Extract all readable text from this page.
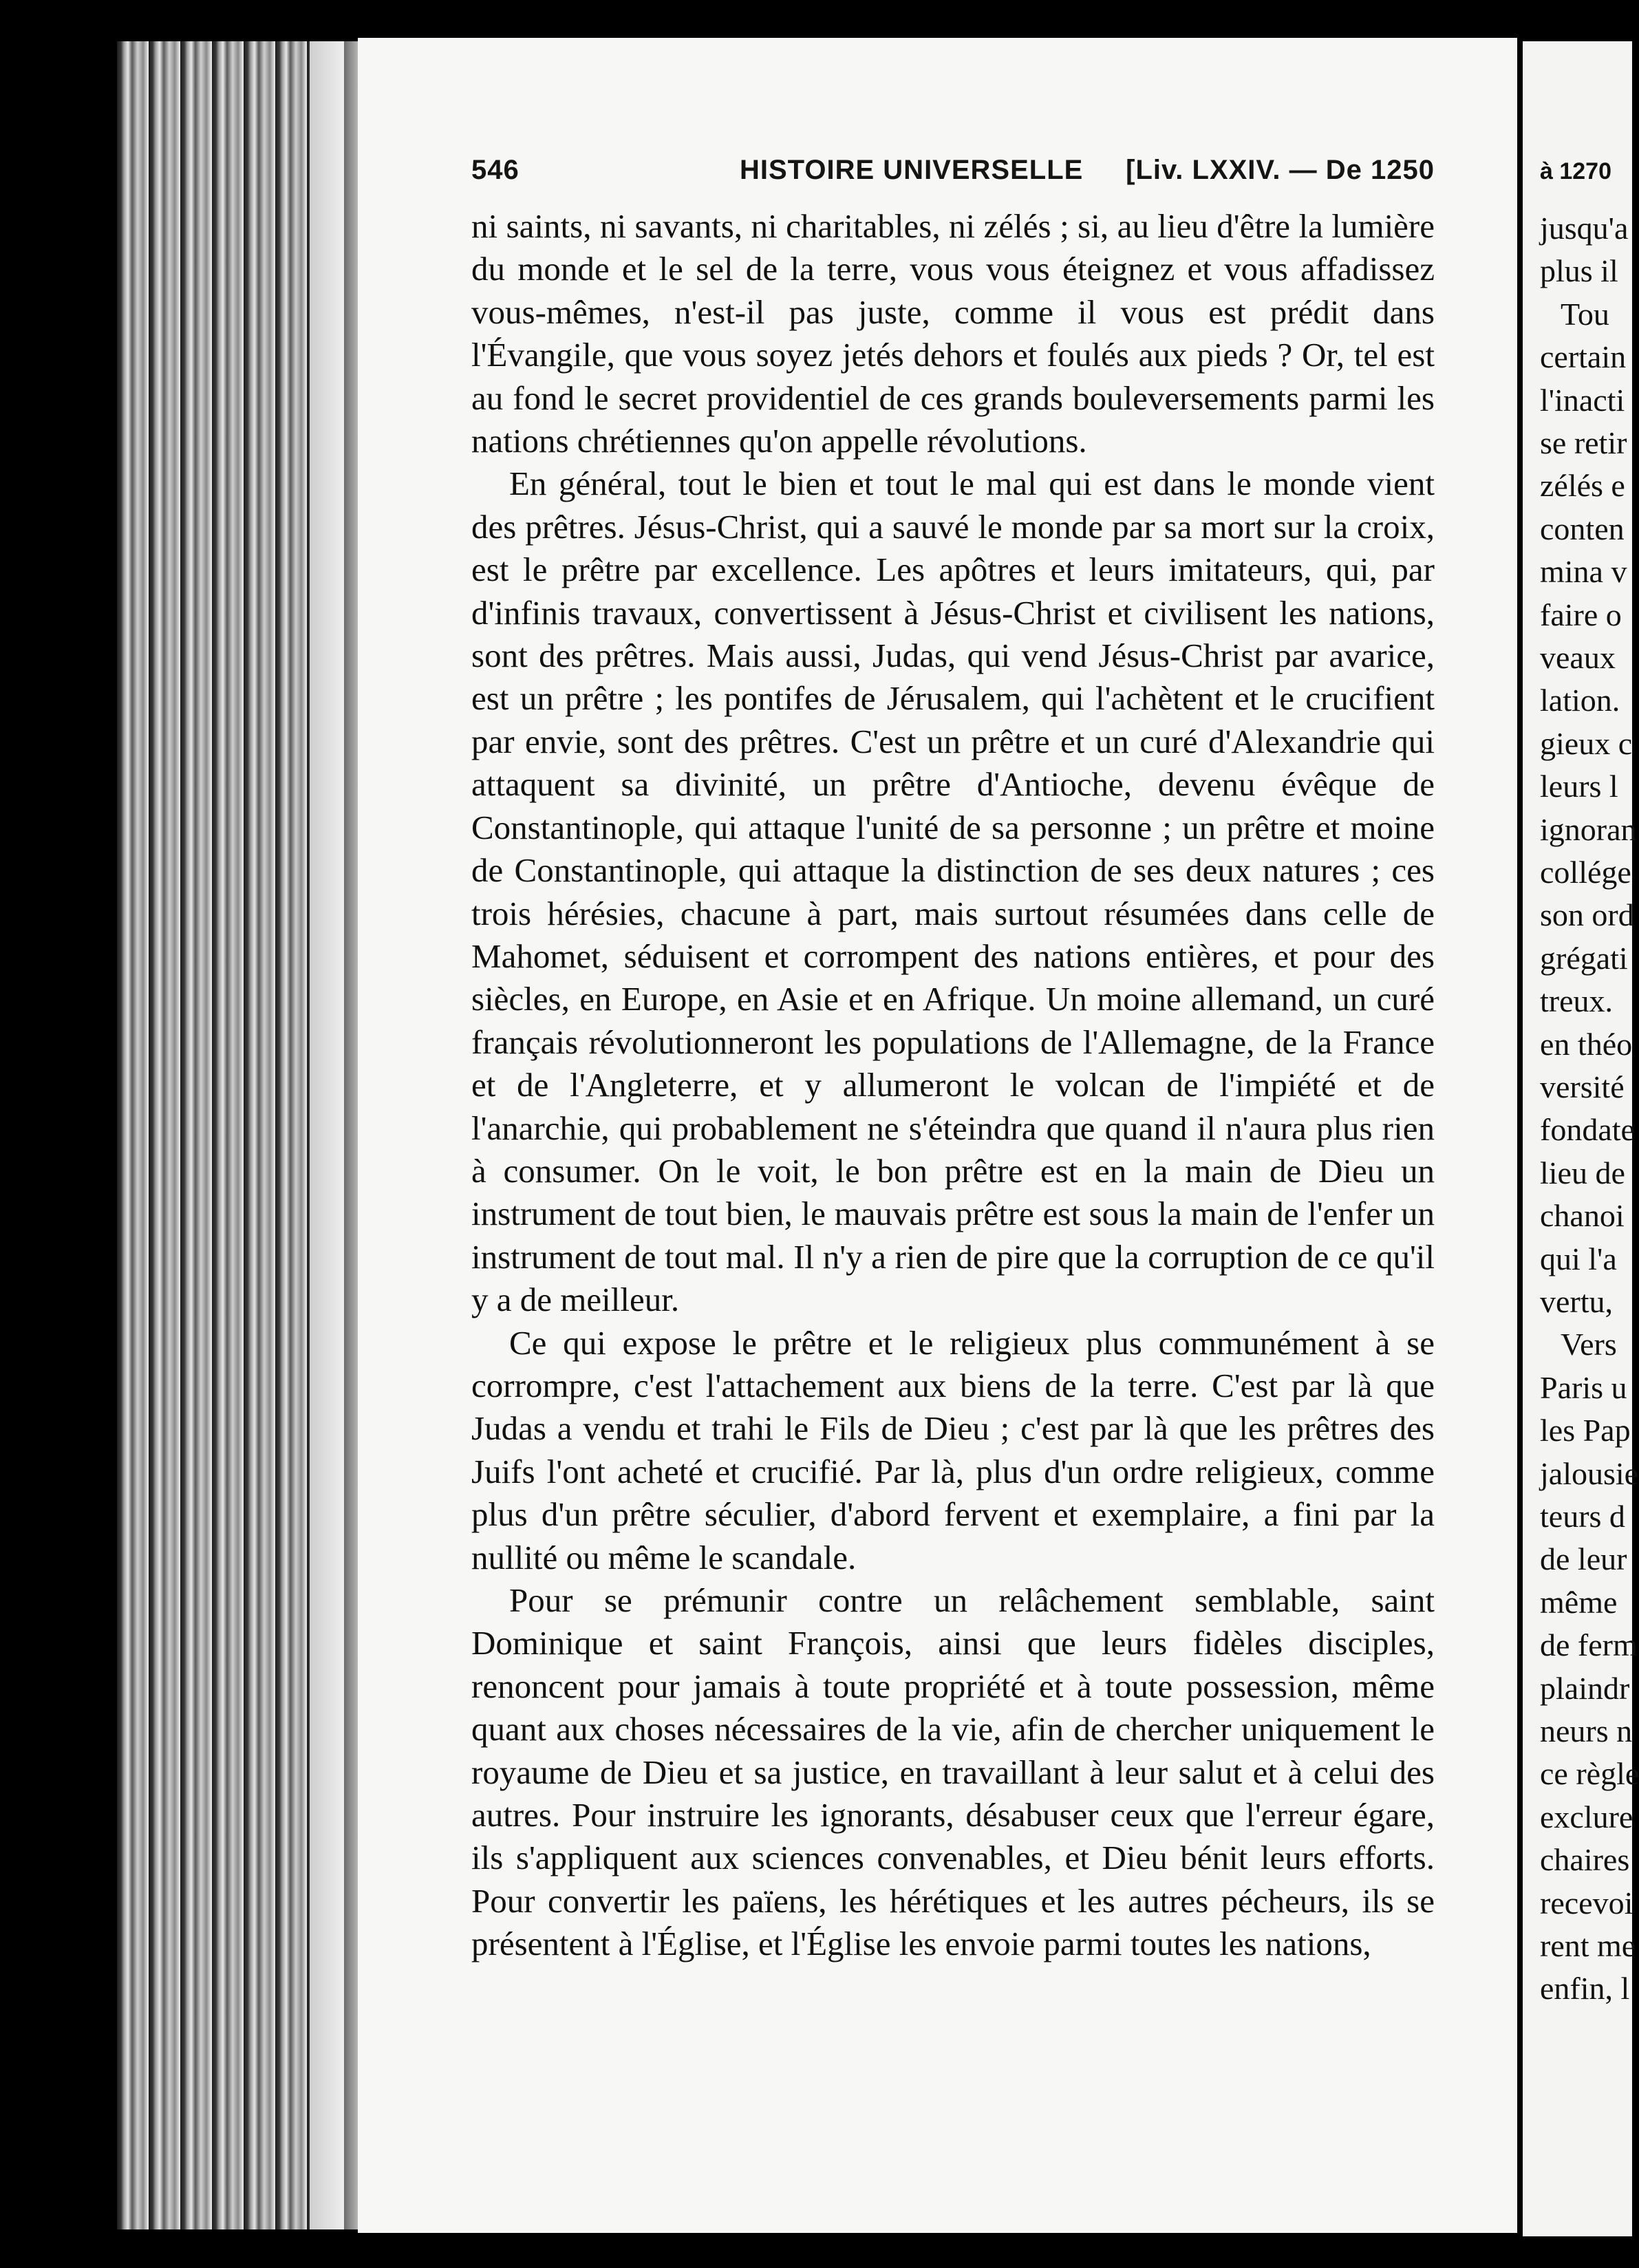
546	HISTOIRE UNIVERSELLE [Liv. LXXIV. — De 1250

ni saints, ni savants, ni charitables, ni zélés ; si, au lieu d'être la lumière du monde et le sel de la terre, vous vous éteignez et vous affadissez vous-mêmes, n'est-il pas juste, comme il vous est prédit dans l'Évangile, que vous soyez jetés dehors et foulés aux pieds ? Or, tel est au fond le secret providentiel de ces grands bouleversements parmi les nations chrétiennes qu'on appelle révolutions.

En général, tout le bien et tout le mal qui est dans le monde vient des prêtres. Jésus-Christ, qui a sauvé le monde par sa mort sur la croix, est le prêtre par excellence. Les apôtres et leurs imitateurs, qui, par d'infinis travaux, convertissent à Jésus-Christ et civilisent les nations, sont des prêtres. Mais aussi, Judas, qui vend Jésus-Christ par avarice, est un prêtre ; les pontifes de Jérusalem, qui l'achètent et le crucifient par envie, sont des prêtres. C'est un prêtre et un curé d'Alexandrie qui attaquent sa divinité, un prêtre d'Antioche, devenu évêque de Constantinople, qui attaque l'unité de sa personne ; un prêtre et moine de Constantinople, qui attaque la distinction de ses deux natures ; ces trois hérésies, chacune à part, mais surtout résumées dans celle de Mahomet, séduisent et corrompent des nations entières, et pour des siècles, en Europe, en Asie et en Afrique. Un moine allemand, un curé français révolutionneront les populations de l'Allemagne, de la France et de l'Angleterre, et y allumeront le volcan de l'impiété et de l'anarchie, qui probablement ne s'éteindra que quand il n'aura plus rien à consumer. On le voit, le bon prêtre est en la main de Dieu un instrument de tout bien, le mauvais prêtre est sous la main de l'enfer un instrument de tout mal. Il n'y a rien de pire que la corruption de ce qu'il y a de meilleur.

Ce qui expose le prêtre et le religieux plus communément à se corrompre, c'est l'attachement aux biens de la terre. C'est par là que Judas a vendu et trahi le Fils de Dieu ; c'est par là que les prêtres des Juifs l'ont acheté et crucifié. Par là, plus d'un ordre religieux, comme plus d'un prêtre séculier, d'abord fervent et exemplaire, a fini par la nullité ou même le scandale.

Pour se prémunir contre un relâchement semblable, saint Dominique et saint François, ainsi que leurs fidèles disciples, renoncent pour jamais à toute propriété et à toute possession, même quant aux choses nécessaires de la vie, afin de chercher uniquement le royaume de Dieu et sa justice, en travaillant à leur salut et à celui des autres. Pour instruire les ignorants, désabuser ceux que l'erreur égare, ils s'appliquent aux sciences convenables, et Dieu bénit leurs efforts. Pour convertir les païens, les hérétiques et les autres pécheurs, ils se présentent à l'Église, et l'Église les envoie parmi toutes les nations,

à 1270
jusqu'a
plus il
Tou
certain
l'inacti
se retir
zélés e
conten
mina v
faire o
veaux
lation.
gieux c
leurs l
ignoran
collége
son ord
grégati
treux.
en théo
versité
fondate
lieu de
chanoi
qui l'a
vertu,
Vers
Paris u
les Pap
jalousie
teurs d
de leur
même
de ferm
plaindr
neurs n
ce règle
exclure
chaires
recevoi
rent me
enfin, l
